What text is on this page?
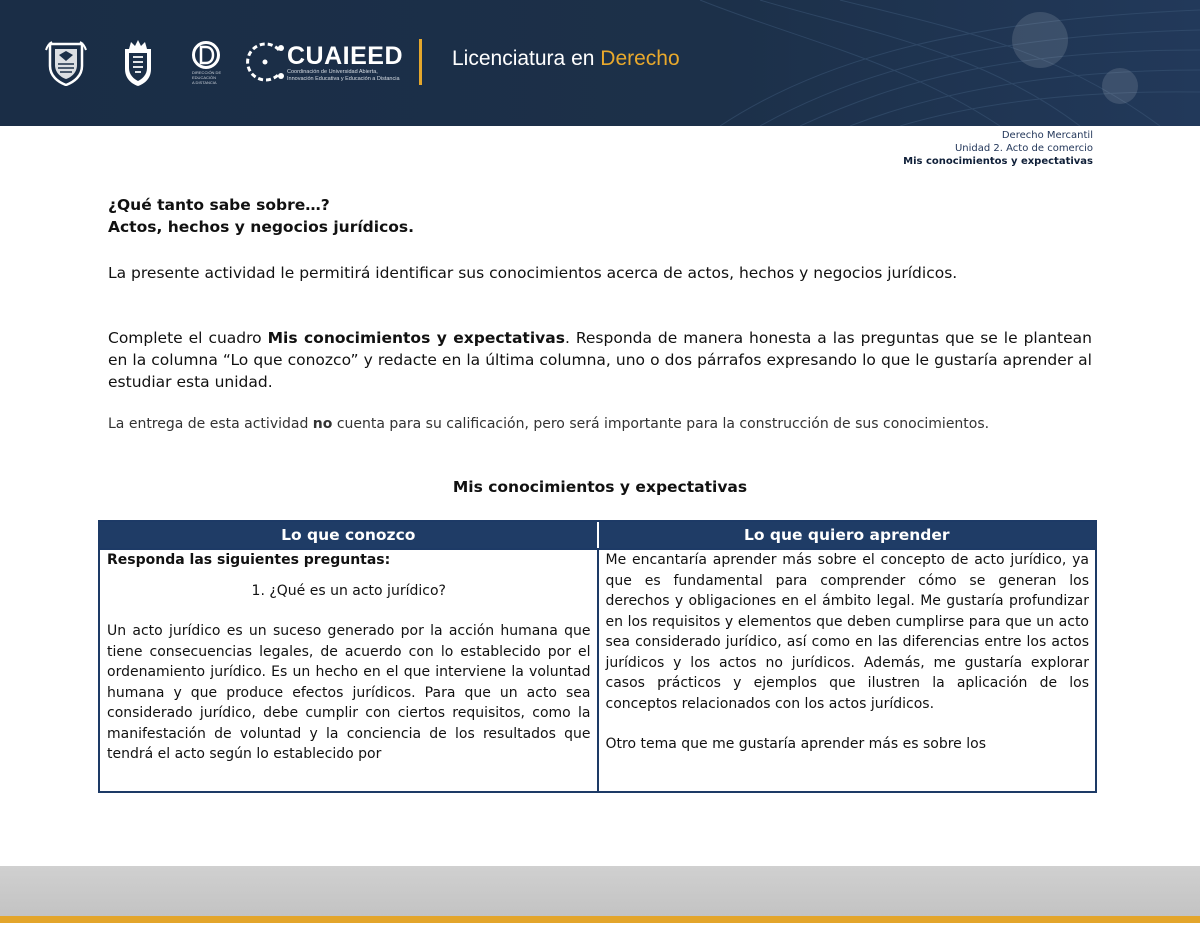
DIRECCIÓN DE
EDUCACIÓN
A DISTANCIA
CUAIEED
Coordinación de Universidad Abierta,
Innovación Educativa y Educación a Distancia
Licenciatura en Derecho
Derecho Mercantil
Unidad 2. Acto de comercio
Mis conocimientos y expectativas
¿Qué tanto sabe sobre…?
Actos, hechos y negocios jurídicos.
La presente actividad le permitirá identificar sus conocimientos acerca de actos, hechos y negocios jurídicos.
Complete el cuadro Mis conocimientos y expectativas. Responda de manera honesta a las preguntas que se le plantean en la columna “Lo que conozco” y redacte en la última columna, uno o dos párrafos expresando lo que le gustaría aprender al estudiar esta unidad.
La entrega de esta actividad no cuenta para su calificación, pero será importante para la construcción de sus conocimientos.
Mis conocimientos y expectativas
Lo que conozco	Lo que quiero aprender

Responda las siguientes preguntas:

1. ¿Qué es un acto jurídico?

Un acto jurídico es un suceso generado por la acción humana que tiene consecuencias legales, de acuerdo con lo establecido por el ordenamiento jurídico. Es un hecho en el que interviene la voluntad humana y que produce efectos jurídicos. Para que un acto sea considerado jurídico, debe cumplir con ciertos requisitos, como la manifestación de voluntad y la conciencia de los resultados que tendrá el acto según lo establecido por

Me encantaría aprender más sobre el concepto de acto jurídico, ya que es fundamental para comprender cómo se generan los derechos y obligaciones en el ámbito legal. Me gustaría profundizar en los requisitos y elementos que deben cumplirse para que un acto sea considerado jurídico, así como en las diferencias entre los actos jurídicos y los actos no jurídicos. Además, me gustaría explorar casos prácticos y ejemplos que ilustren la aplicación de los conceptos relacionados con los actos jurídicos.

Otro tema que me gustaría aprender más es sobre los
